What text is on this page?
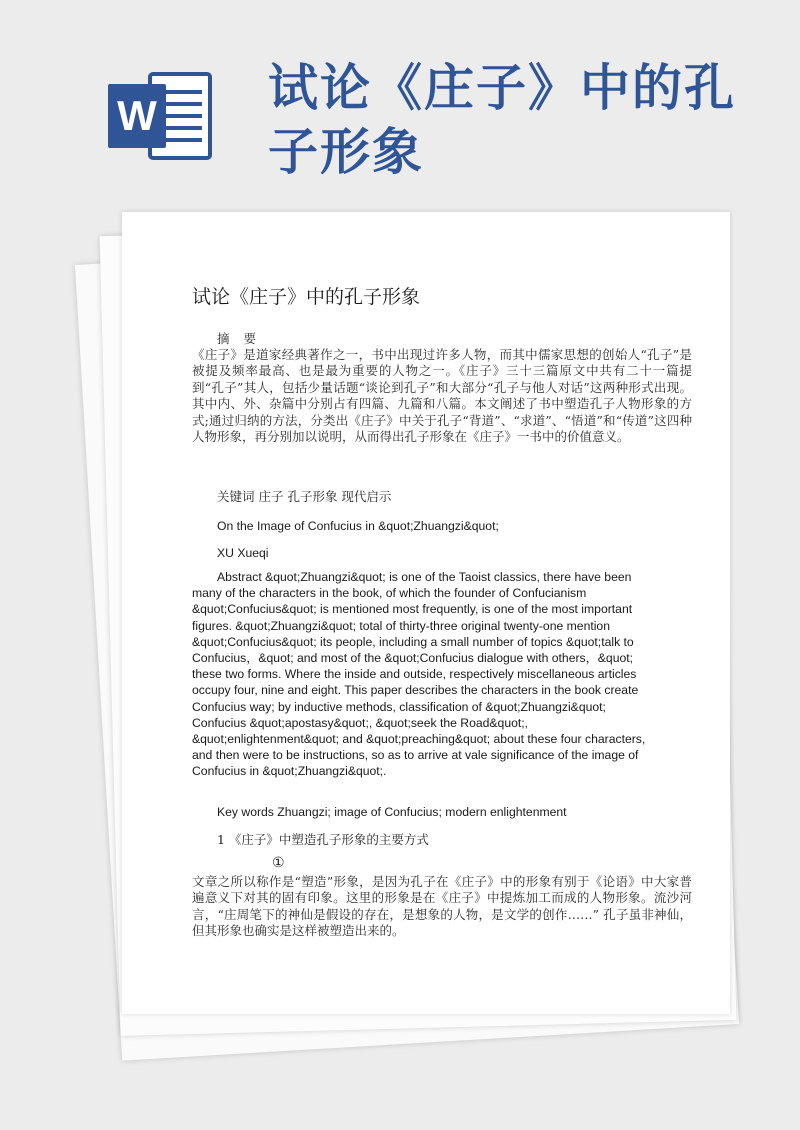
W 试论《庄子》中的孔子形象
试论《庄子》中的孔子形象
摘 要
《庄子》是道家经典著作之一，书中出现过许多人物，而其中儒家思想的创始人“孔子”是被提及频率最高、也是最为重要的人物之一。《庄子》三十三篇原文中共有二十一篇提到“孔子”其人，包括少量话题“谈论到孔子”和大部分“孔子与他人对话”这两种形式出现。其中内、外、杂篇中分别占有四篇、九篇和八篇。本文阐述了书中塑造孔子人物形象的方式;通过归纳的方法，分类出《庄子》中关于孔子“背道”、“求道”、“悟道”和“传道”这四种人物形象，再分别加以说明，从而得出孔子形象在《庄子》一书中的价值意义。
关键词 庄子 孔子形象 现代启示
On the Image of Confucius in &quot;Zhuangzi&quot;
XU Xueqi
Abstract &quot;Zhuangzi&quot; is one of the Taoist classics, there have been many of the characters in the book, of which the founder of Confucianism &quot;Confucius&quot; is mentioned most frequently, is one of the most important figures. &quot;Zhuangzi&quot; total of thirty-three original twenty-one mention &quot;Confucius&quot; its people, including a small number of topics &quot;talk to Confucius，&quot; and most of the &quot;Confucius dialogue with others，&quot; these two forms. Where the inside and outside, respectively miscellaneous articles occupy four, nine and eight. This paper describes the characters in the book create Confucius way; by inductive methods, classification of &quot;Zhuangzi&quot; Confucius &quot;apostasy&quot;, &quot;seek the Road&quot;, &quot;enlightenment&quot; and &quot;preaching&quot; about these four characters, and then were to be instructions, so as to arrive at vale significance of the image of Confucius in &quot;Zhuangzi&quot;.
Key words Zhuangzi; image of Confucius; modern enlightenment
1 《庄子》中塑造孔子形象的主要方式
①
文章之所以称作是“塑造”形象，是因为孔子在《庄子》中的形象有别于《论语》中大家普遍意义下对其的固有印象。这里的形象是在《庄子》中提炼加工而成的人物形象。流沙河言，“庄周笔下的神仙是假设的存在，是想象的人物，是文学的创作……” 孔子虽非神仙，但其形象也确实是这样被塑造出来的。
